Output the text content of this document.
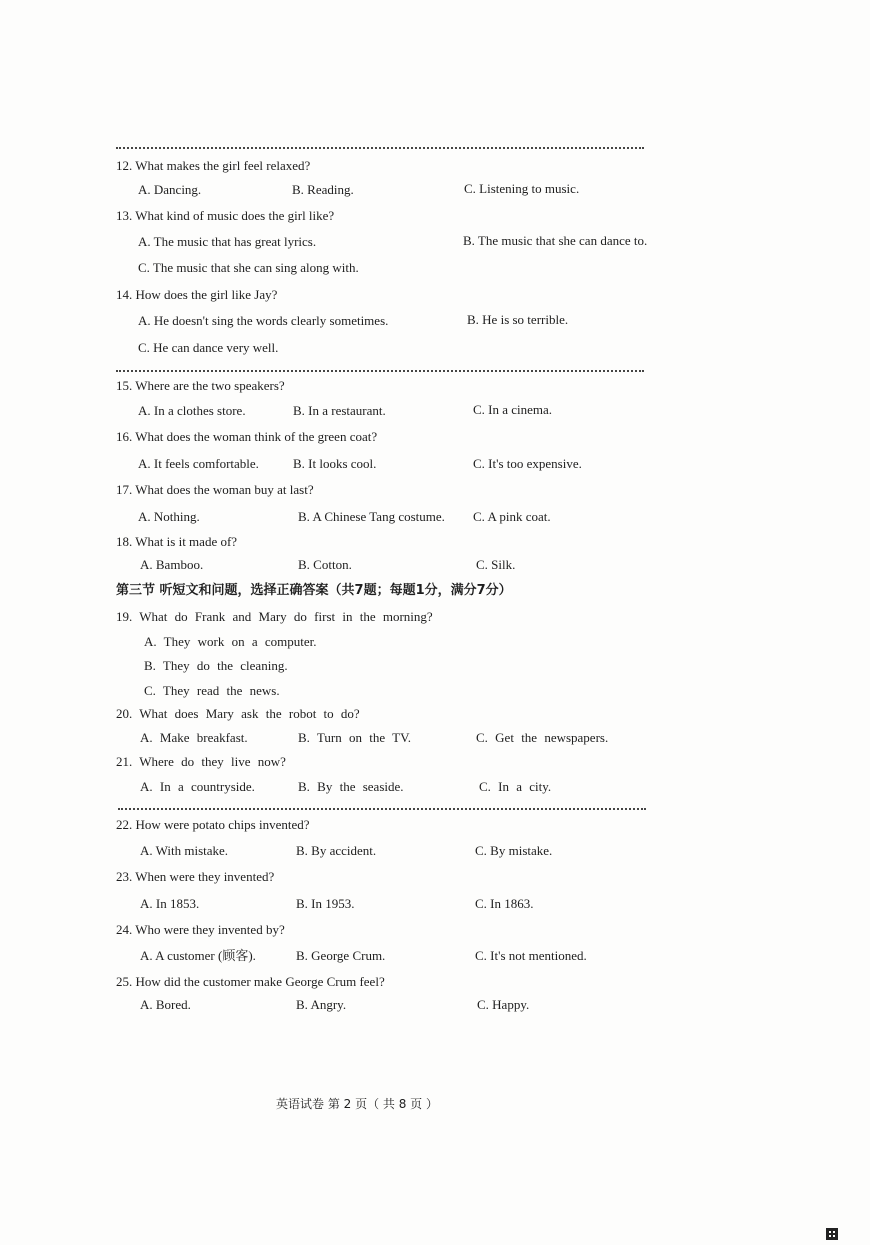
12. What makes the girl feel relaxed?
A. Dancing.	B. Reading.	C. Listening to music.
13. What kind of music does the girl like?
A. The music that has great lyrics.	B. The music that she can dance to.
C. The music that she can sing along with.
14. How does the girl like Jay?
A. He doesn't sing the words clearly sometimes.	B. He is so terrible.
C. He can dance very well.
15. Where are the two speakers?
A. In a clothes store.	B. In a restaurant.	C. In a cinema.
16. What does the woman think of the green coat?
A. It feels comfortable.	B. It looks cool.	C. It's too expensive.
17. What does the woman buy at last?
A. Nothing.	B. A Chinese Tang costume. C. A pink coat.
18. What is it made of?
A. Bamboo.	B. Cotton.	C. Silk.
第三节 听短文和问题，选择正确答案（共7题；每题1分，满分7分）
19. What do Frank and Mary do first in the morning?
A. They work on a computer.
B. They do the cleaning.
C. They read the news.
20. What does Mary ask the robot to do?
A. Make breakfast.	B. Turn on the TV.	C. Get the newspapers.
21. Where do they live now?
A. In a countryside.	B. By the seaside.	C. In a city.
22. How were potato chips invented?
A. With mistake.	B. By accident.	C. By mistake.
23. When were they invented?
A. In 1853.	B. In 1953.	C. In 1863.
24. Who were they invented by?
A. A customer (顾客).	B. George Crum.	C. It's not mentioned.
25. How did the customer make George Crum feel?
A. Bored.	B. Angry.	C. Happy.
英语试卷 第 2 页（ 共 8 页 ）
